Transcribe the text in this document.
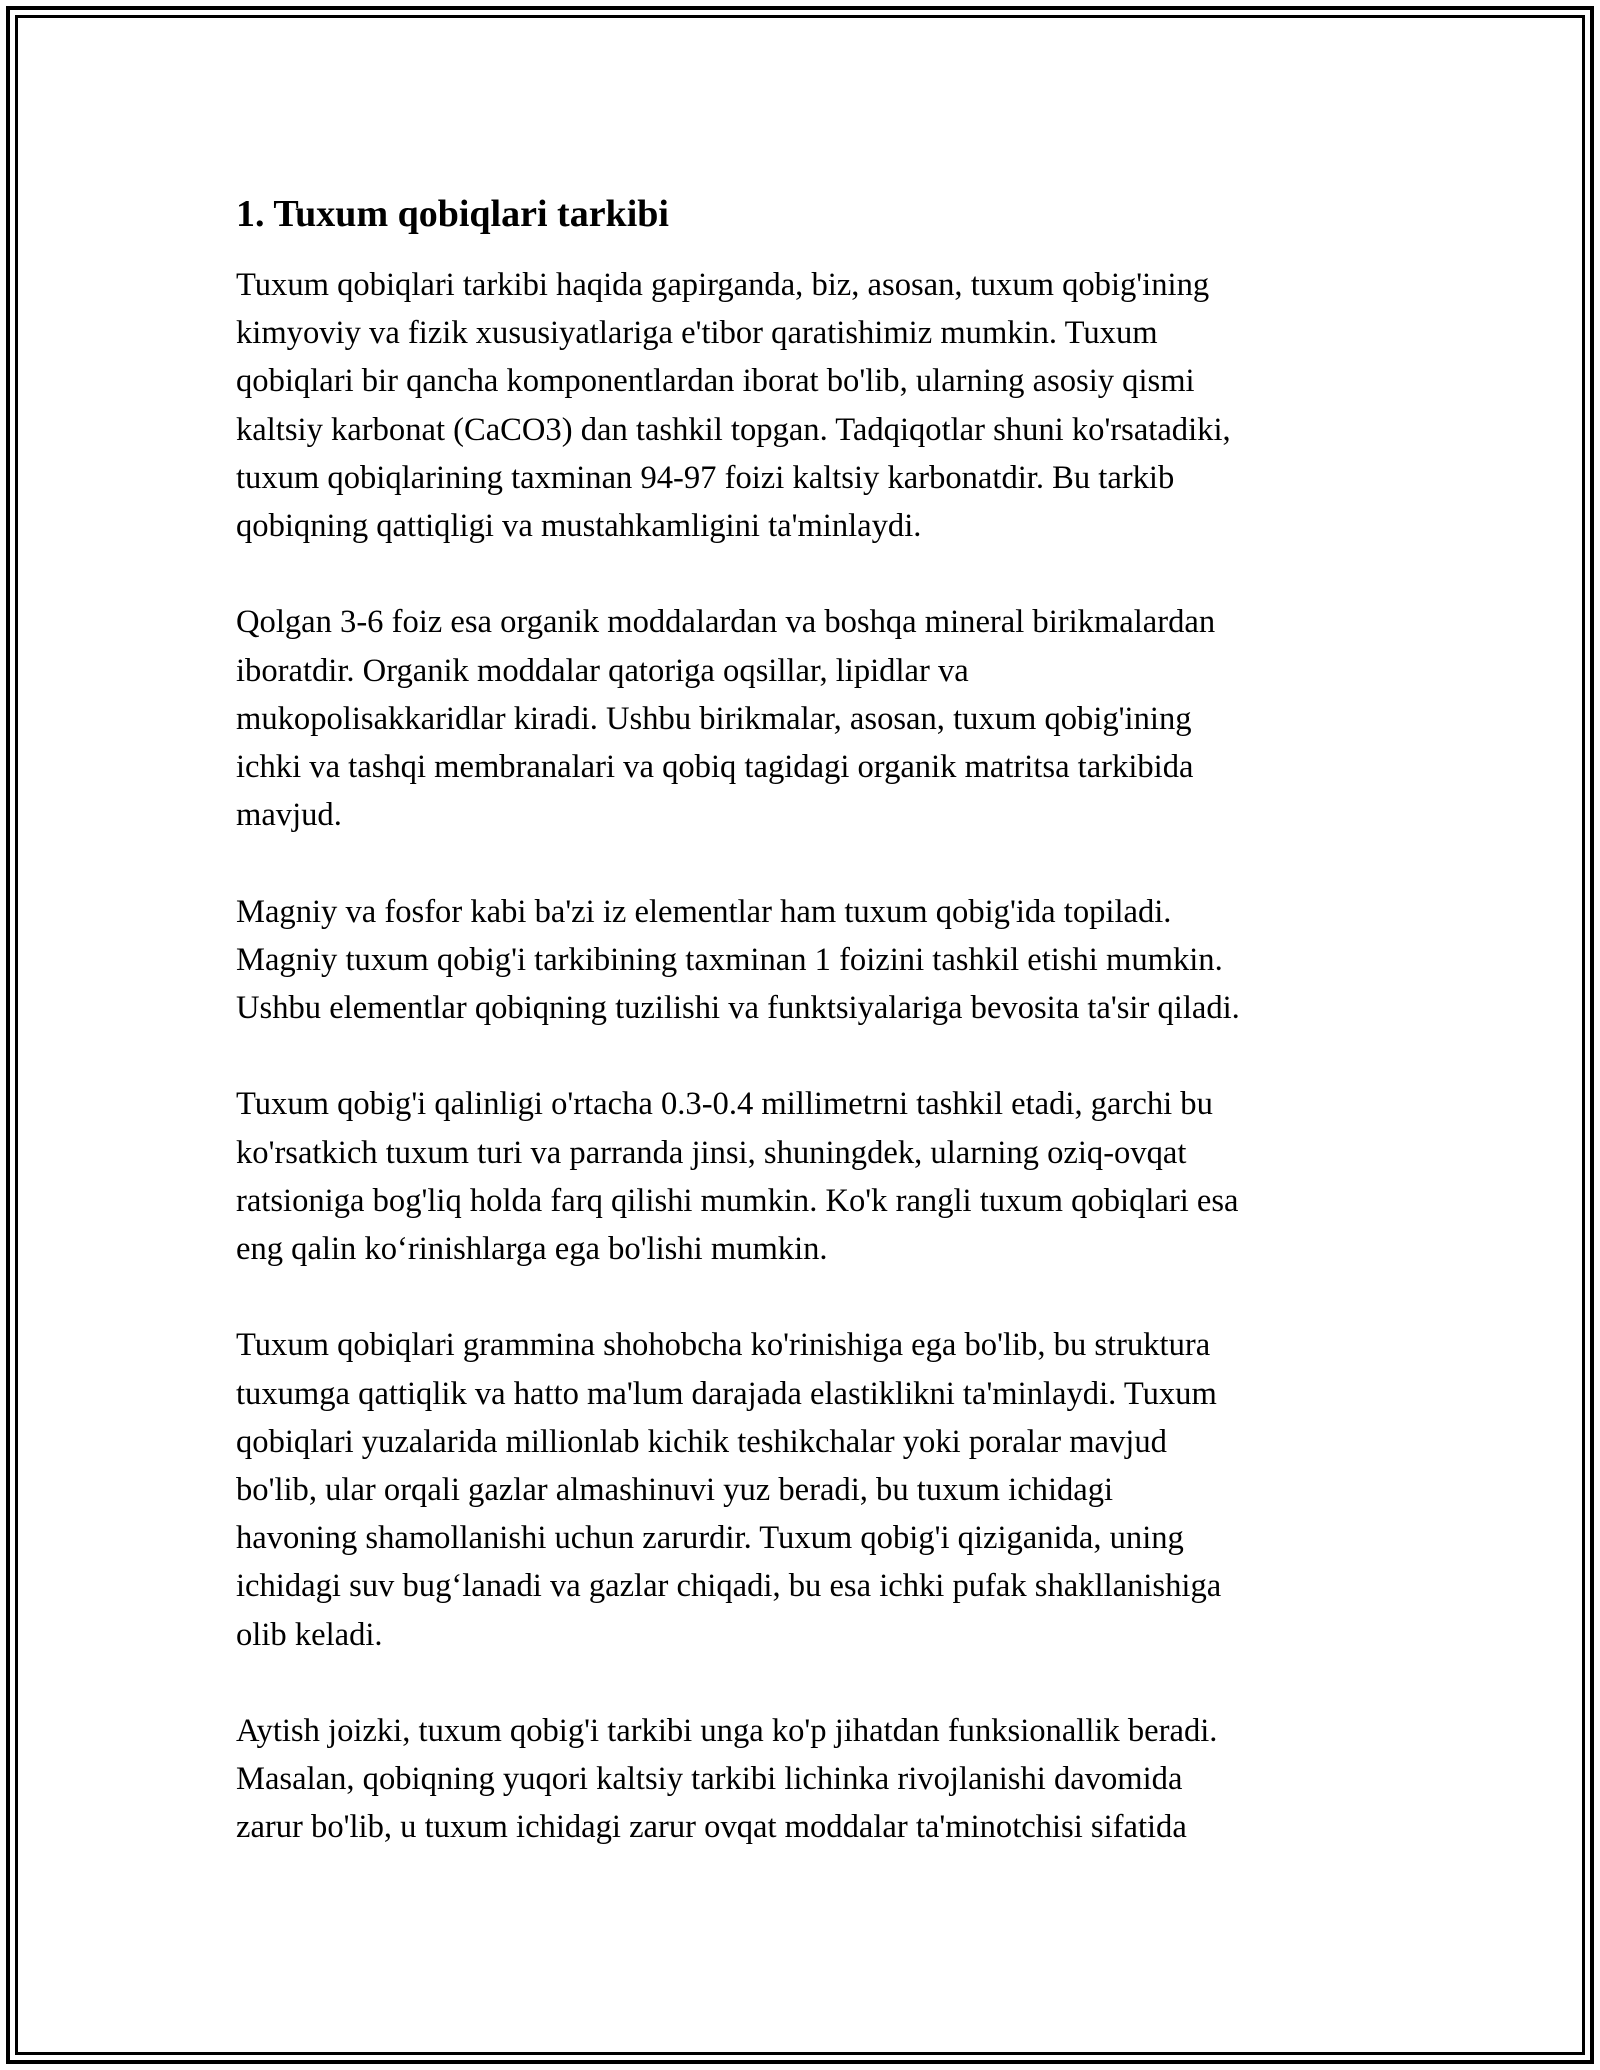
1. Tuxum qobiqlari tarkibi

Tuxum qobiqlari tarkibi haqida gapirganda, biz, asosan, tuxum qobig'ining
kimyoviy va fizik xususiyatlariga e'tibor qaratishimiz mumkin. Tuxum
qobiqlari bir qancha komponentlardan iborat bo'lib, ularning asosiy qismi
kaltsiy karbonat (CaCO3) dan tashkil topgan. Tadqiqotlar shuni ko'rsatadiki,
tuxum qobiqlarining taxminan 94-97 foizi kaltsiy karbonatdir. Bu tarkib
qobiqning qattiqligi va mustahkamligini ta'minlaydi.

Qolgan 3-6 foiz esa organik moddalardan va boshqa mineral birikmalardan
iboratdir. Organik moddalar qatoriga oqsillar, lipidlar va
mukopolisakkaridlar kiradi. Ushbu birikmalar, asosan, tuxum qobig'ining
ichki va tashqi membranalari va qobiq tagidagi organik matritsa tarkibida
mavjud.

Magniy va fosfor kabi ba'zi iz elementlar ham tuxum qobig'ida topiladi.
Magniy tuxum qobig'i tarkibining taxminan 1 foizini tashkil etishi mumkin.
Ushbu elementlar qobiqning tuzilishi va funktsiyalariga bevosita ta'sir qiladi.

Tuxum qobig'i qalinligi o'rtacha 0.3-0.4 millimetrni tashkil etadi, garchi bu
ko'rsatkich tuxum turi va parranda jinsi, shuningdek, ularning oziq-ovqat
ratsioniga bog'liq holda farq qilishi mumkin. Ko'k rangli tuxum qobiqlari esa
eng qalin ko‘rinishlarga ega bo'lishi mumkin.

Tuxum qobiqlari grammina shohobcha ko'rinishiga ega bo'lib, bu struktura
tuxumga qattiqlik va hatto ma'lum darajada elastiklikni ta'minlaydi. Tuxum
qobiqlari yuzalarida millionlab kichik teshikchalar yoki poralar mavjud
bo'lib, ular orqali gazlar almashinuvi yuz beradi, bu tuxum ichidagi
havoning shamollanishi uchun zarurdir. Tuxum qobig'i qiziganida, uning
ichidagi suv bug‘lanadi va gazlar chiqadi, bu esa ichki pufak shakllanishiga
olib keladi.

Aytish joizki, tuxum qobig'i tarkibi unga ko'p jihatdan funksionallik beradi.
Masalan, qobiqning yuqori kaltsiy tarkibi lichinka rivojlanishi davomida
zarur bo'lib, u tuxum ichidagi zarur ovqat moddalar ta'minotchisi sifatida
